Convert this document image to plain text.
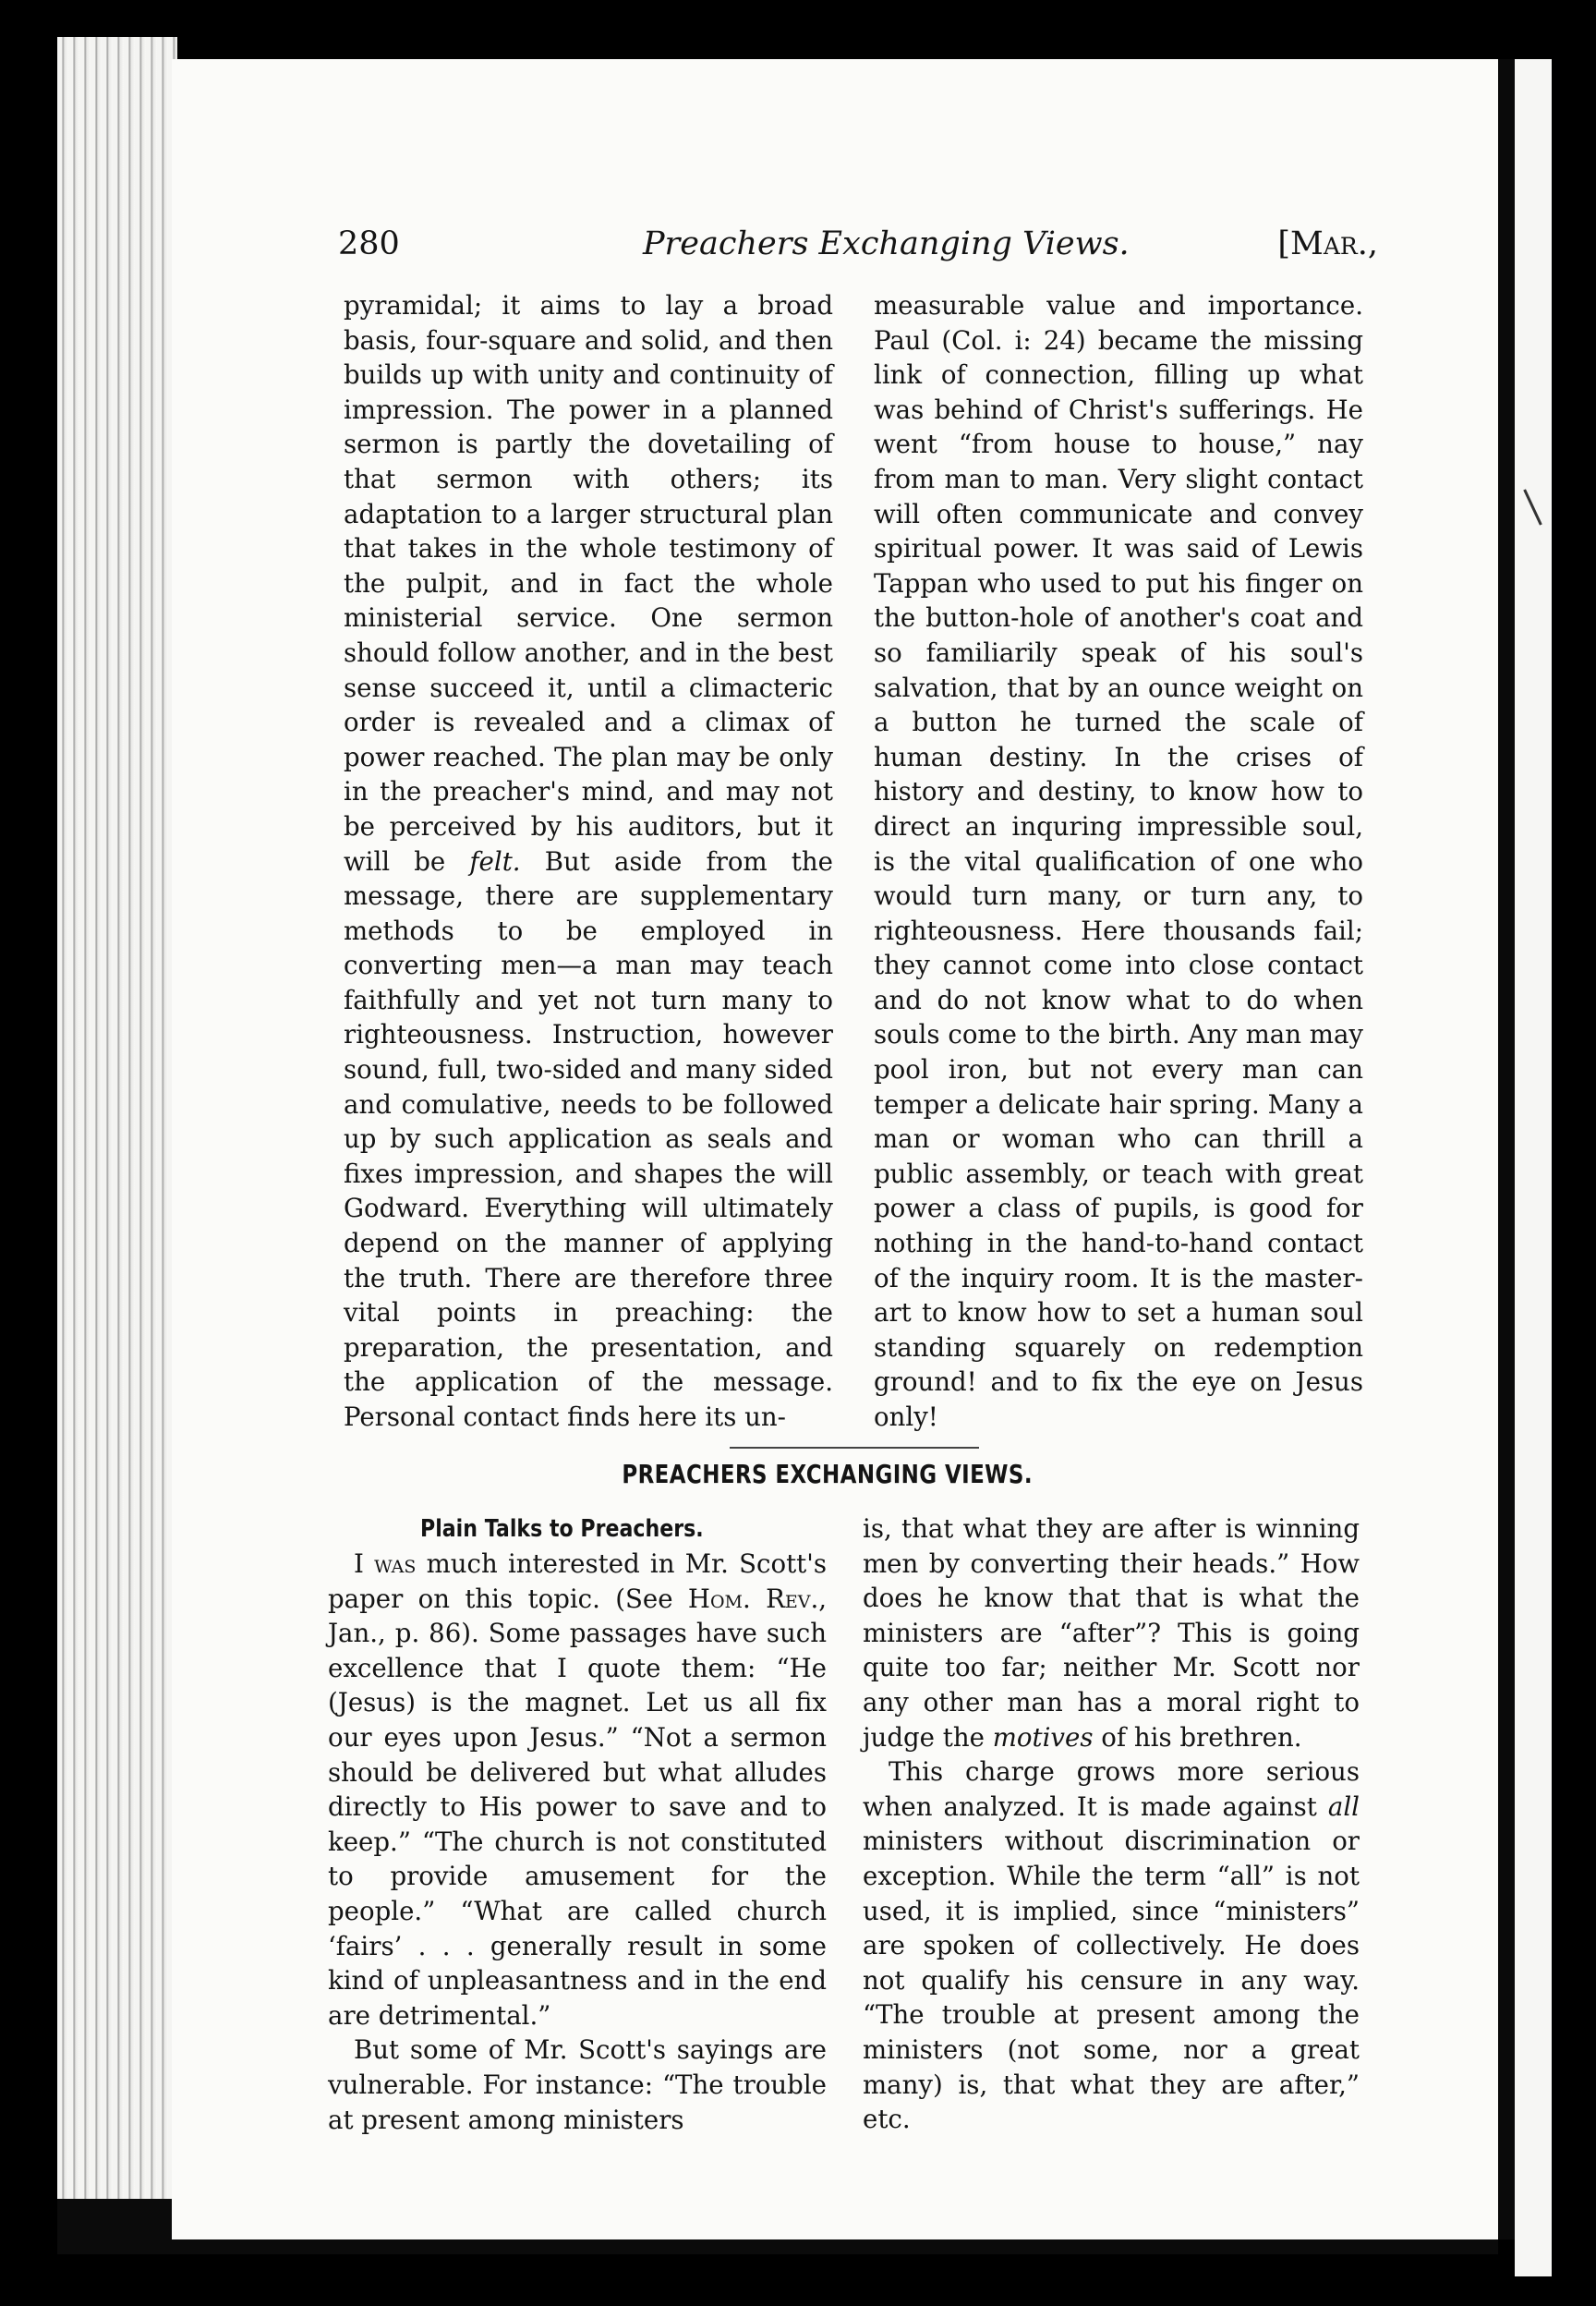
280	Preachers Exchanging Views.	[Mar.,

pyramidal; it aims to lay a broad basis, four-square and solid, and then builds up with unity and continuity of impression. The power in a planned sermon is partly the dovetailing of that sermon with others; its adaptation to a larger structural plan that takes in the whole testimony of the pulpit, and in fact the whole ministerial service. One sermon should follow another, and in the best sense succeed it, until a climacteric order is revealed and a climax of power reached. The plan may be only in the preacher's mind, and may not be perceived by his auditors, but it will be felt. But aside from the message, there are supplementary methods to be employed in converting men—a man may teach faithfully and yet not turn many to righteousness. Instruction, however sound, full, two-sided and many sided and comulative, needs to be followed up by such application as seals and fixes impression, and shapes the will Godward. Everything will ultimately depend on the manner of applying the truth. There are therefore three vital points in preaching: the preparation, the presentation, and the application of the message. Personal contact finds here its un-

measurable value and importance. Paul (Col. i: 24) became the missing link of connection, filling up what was behind of Christ's sufferings. He went “from house to house,” nay from man to man. Very slight contact will often communicate and convey spiritual power. It was said of Lewis Tappan who used to put his finger on the button-hole of another's coat and so familiarily speak of his soul's salvation, that by an ounce weight on a button he turned the scale of human destiny. In the crises of history and destiny, to know how to direct an inquring impressible soul, is the vital qualification of one who would turn many, or turn any, to righteousness. Here thousands fail; they cannot come into close contact and do not know what to do when souls come to the birth. Any man may pool iron, but not every man can temper a delicate hair spring. Many a man or woman who can thrill a public assembly, or teach with great power a class of pupils, is good for nothing in the hand-to-hand contact of the inquiry room. It is the master-art to know how to set a human soul standing squarely on redemption ground! and to fix the eye on Jesus only!

PREACHERS EXCHANGING VIEWS.
Plain Talks to Preachers.

I was much interested in Mr. Scott's paper on this topic. (See Hom. Rev., Jan., p. 86). Some passages have such excellence that I quote them: “He (Jesus) is the magnet. Let us all fix our eyes upon Jesus.” “Not a sermon should be delivered but what alludes directly to His power to save and to keep.” “The church is not constituted to provide amusement for the people.” “What are called church ‘fairs’ . . . generally result in some kind of unpleasantness and in the end are detrimental.”

But some of Mr. Scott's sayings are vulnerable. For instance: “The trouble at present among ministers

is, that what they are after is winning men by converting their heads.” How does he know that that is what the ministers are “after”? This is going quite too far; neither Mr. Scott nor any other man has a moral right to judge the motives of his brethren.

This charge grows more serious when analyzed. It is made against all ministers without discrimination or exception. While the term “all” is not used, it is implied, since “ministers” are spoken of collectively. He does not qualify his censure in any way. “The trouble at present among the ministers (not some, nor a great many) is, that what they are after,” etc.
